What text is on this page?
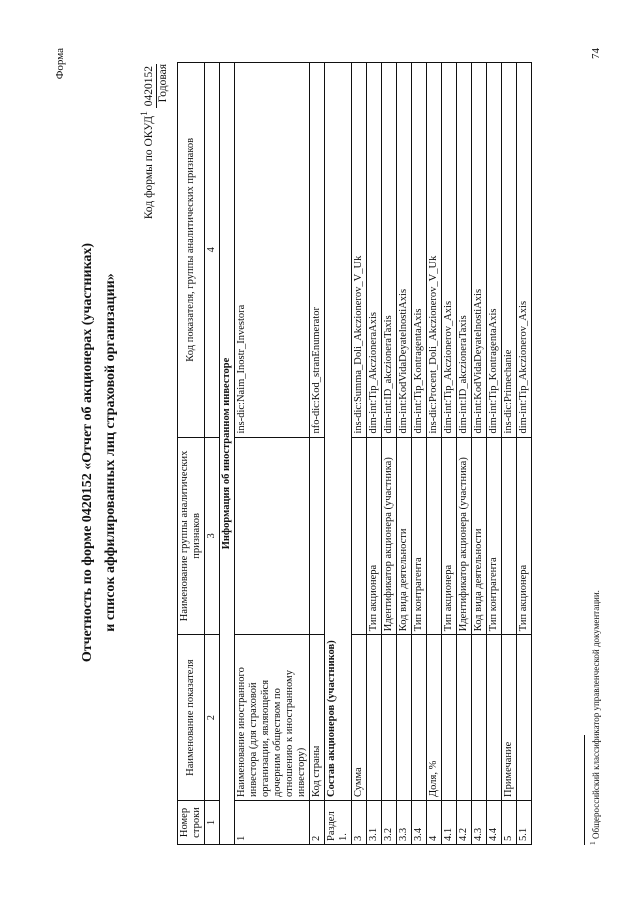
Форма
Отчетность по форме 0420152 «Отчет об акционерах (участниках) и список аффилированных лиц страховой организации»
Код формы по ОКУД$^1$ 0420152 Годовая
Номер строки	Наименование показателя	Наименование группы аналитических признаков	Код показателя, группы аналитических признаков
1	2	3	4
Информация об иностранном инвесторе			
1	Наименование иностранного инвестора (для страховой организации, являющейся дочерним обществом по отношению к иностранному инвестору)		ins-dic:Naim_Inostr_Investora
2	Код страны		nfo-dic:Kod_stranEnumerator
Раздел 1.	Состав акционеров (участников)		
3	Сумма		ins-dic:Summa_Doli_Akczionerov_V_Uk
3.1		Тип акционера	dim-int:Tip_AkczioneraAxis
3.2		Идентификатор акционера (участника)	dim-int:ID_akczioneraTaxis
3.3		Код вида деятельности	dim-int:KodVidaDeyatelnostiAxis
3.4		Тип контрагента	dim-int:Tip_KontragentaAxis
4	Доля, %		ins-dic:Procent_Doli_Akczionerov_V_Uk
4.1		Тип акционера	dim-int:Tip_Akczionerov_Axis
4.2		Идентификатор акционера (участника)	dim-int:ID_akczioneraTaxis
4.3		Код вида деятельности	dim-int:KodVidaDeyatelnostiAxis
4.4		Тип контрагента	dim-int:Tip_KontragentaAxis
5	Примечание		ins-dic:Primechanie
5.1		Тип акционера	dim-int:Tip_Akczionerov_Axis
$^1$ Общероссийский классификатор управленческой документации.
74
